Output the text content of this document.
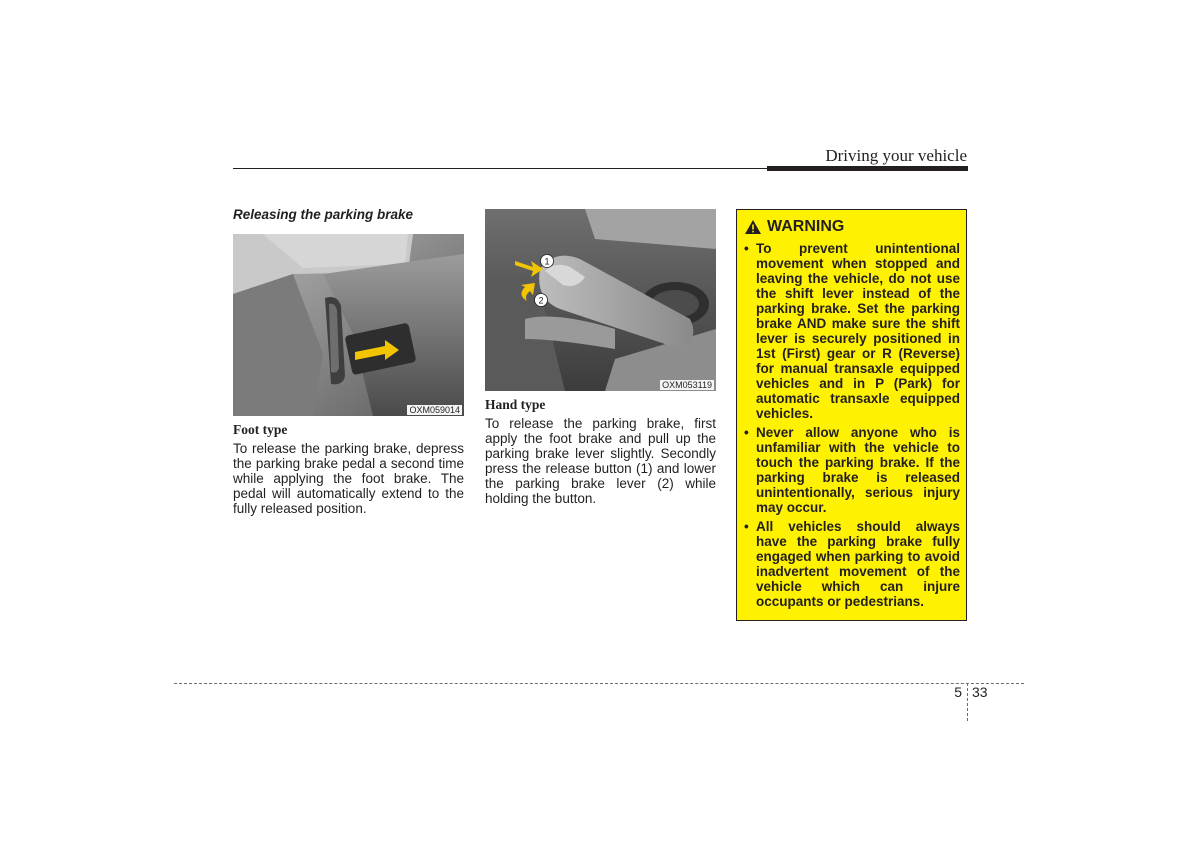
Driving your vehicle
Releasing the parking brake
OXM059014
Foot type
To release the parking brake, depress the parking brake pedal a second time while applying the foot brake. The pedal will automatically extend to the fully released position.
1
2
OXM053119
Hand type
To release the parking brake, first apply the foot brake and pull up the parking brake lever slightly. Secondly press the release button (1) and lower the parking brake lever (2) while holding the button.
WARNING
• To prevent unintentional movement when stopped and leaving the vehicle, do not use the shift lever instead of the parking brake. Set the parking brake AND make sure the shift lever is securely positioned in 1st (First) gear or R (Reverse) for manual transaxle equipped vehicles and in P (Park) for automatic transaxle equipped vehicles.
• Never allow anyone who is unfamiliar with the vehicle to touch the parking brake. If the parking brake is released unintentionally, serious injury may occur.
• All vehicles should always have the parking brake fully engaged when parking to avoid inadvertent movement of the vehicle which can injure occupants or pedestrians.
5 33
